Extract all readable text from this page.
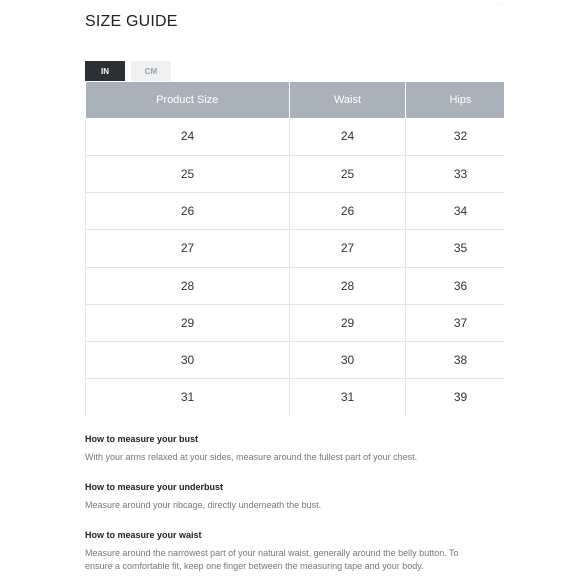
·
SIZE GUIDE
IN	CM
Product Size	Waist	Hips
24	24	32
25	25	33
26	26	34
27	27	35
28	28	36
29	29	37
30	30	38
31	31	39
How to measure your bust

With your arms relaxed at your sides, measure around the fullest part of your chest.

How to measure your underbust

Measure around your ribcage, directly underneath the bust.

How to measure your waist

Measure around the narrowest part of your natural waist, generally around the belly button. To

ensure a comfortable fit, keep one finger between the measuring tape and your body.
